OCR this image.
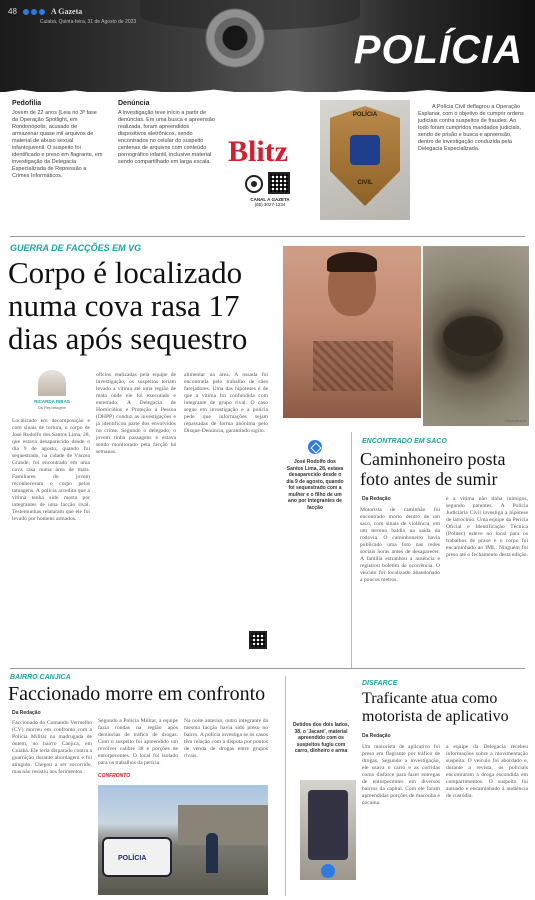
48	A Gazeta
Cuiabá, Quinta-feira, 31 de Agosto de 2023
POLÍCIA
Pedofilia

Jovem de 22 anos (Leia no 3º fase da Operação Spotlight, em Rondonópolis, acusado de armazenar quase mil arquivos de material de abuso sexual infantojuvenil. O suspeito foi identificado e preso em flagrante, em investigação da Delegacia Especializada de Repressão a Crimes Informáticos.

Denúncia

A investigação teve início a partir de denúncias. Em uma busca e apreensão realizada, foram apreendidos dispositivos eletrônicos, sendo encontrados no celular do suspeito centenas de arquivos com conteúdo pornográfico infantil, inclusive material sendo compartilhado em larga escala. Blitz
CANAL A GAZETA
(65) 3027-1234
POLÍCIA
CIVIL

A Polícia Civil deflagrou a Operação Esplanar, com o objetivo de cumprir ordens judiciais contra suspeitos de fraudes. Ao todo foram cumpridos mandados judiciais, sendo de prisão e busca e apreensão, dentro de investigação conduzida pela Delegacia Especializada.

GUERRA DE FACÇÕES EM VG
Corpo é localizado
numa cova rasa 17
dias após sequestro
Reprodução
RICARDA RIBAS
Da Reportagem
Localizado em decomposição e com sinais de tortura, o corpo de José Rodolfo dos Santos Lima, 28, que estava desaparecido desde o dia 9 de agosto, quando foi sequestrado, na cidade de Várzea Grande, foi encontrado em uma cova rasa numa área de mata. Familiares do jovem reconheceram o corpo pelas tatuagens. A polícia acredita que a vítima tenha sido morta por integrantes de uma facção rival. Testemunhas relataram que ele foi levado por homens armados.
ofícios realizadas pela equipe de investigação, os suspeitos teriam levado a vítima até uma região de mata onde ele foi executado e enterrado. A Delegacia de Homicídios e Proteção à Pessoa (DHPP) conduz as investigações e já identificou parte dos envolvidos no crime. Segundo o delegado, o jovem tinha passagens e estava sendo monitorado pela facção há semanas.
alimentar na área. A ossada foi encontrada pelo trabalho de cães farejadores. Uma das hipóteses é de que a vítima foi confundida com integrante de grupo rival. O caso segue em investigação e a polícia pede que informações sejam repassadas de forma anônima pelo Disque-Denúncia, garantindo sigilo.
José Rodolfo dos Santos Lima, 28, estava desaparecido desde o dia 9 de agosto, quando foi sequestrado com a mulher e o filho de um ano por integrantes de facção
ENCONTRADO EM SACO
Caminhoneiro posta
foto antes de sumir
Da Redação
Motorista de caminhão foi encontrado morto dentro de um saco, com sinais de violência, em um terreno baldio na saída da rodovia. O caminhoneiro havia publicado uma foto nas redes sociais horas antes de desaparecer. A família estranhou a ausência e registrou boletim de ocorrência. O veículo foi localizado abandonado a poucos metros.
e a vítima não tinha inimigos, segundo parentes. A Polícia Judiciária Civil investiga a hipótese de latrocínio. Uma equipe da Perícia Oficial e Identificação Técnica (Politec) esteve no local para os trabalhos de praxe e o corpo foi encaminhado ao IML. Ninguém foi preso até o fechamento desta edição.
BAIRRO CANJICA
Faccionado morre em confronto
Da Redação
Faccionado do Comando Vermelho (CV) morreu em confronto com a Polícia Militar na madrugada de ontem, no bairro Canjica, em Cuiabá. Ele teria disparado contra a guarnição durante abordagem e foi atingido. Chegou a ser socorrido, mas não resistiu aos ferimentos.
Segundo a Polícia Militar, a equipe fazia rondas na região após denúncias de tráfico de drogas. Com o suspeito foi apreendido um revólver calibre 38 e porções de entorpecentes. O local foi isolado para os trabalhos da perícia.
CONFRONTO
Na noite anterior, outro integrante da mesma facção havia sido preso no bairro. A polícia investiga se os casos têm relação com a disputa por pontos de venda de drogas entre grupos rivais.
POLÍCIA
Detidos dos dois lados, 38, o 'Jacaré', material apreendido com os suspeitos fugiu com carro, dinheiro e arma
DISFARCE
Traficante atua como
motorista de aplicativo
Da Redação
Um motorista de aplicativo foi preso em flagrante por tráfico de drogas. Segundo a investigação, ele usava o carro e as corridas como disfarce para fazer entregas de entorpecentes em diversos bairros da capital. Com ele foram apreendidas porções de maconha e cocaína.
a equipe da Delegacia recebeu informações sobre a movimentação suspeita. O veículo foi abordado e, durante a revista, os policiais encontraram a droga escondida em compartimentos. O suspeito foi autuado e encaminhado à audiência de custódia.
